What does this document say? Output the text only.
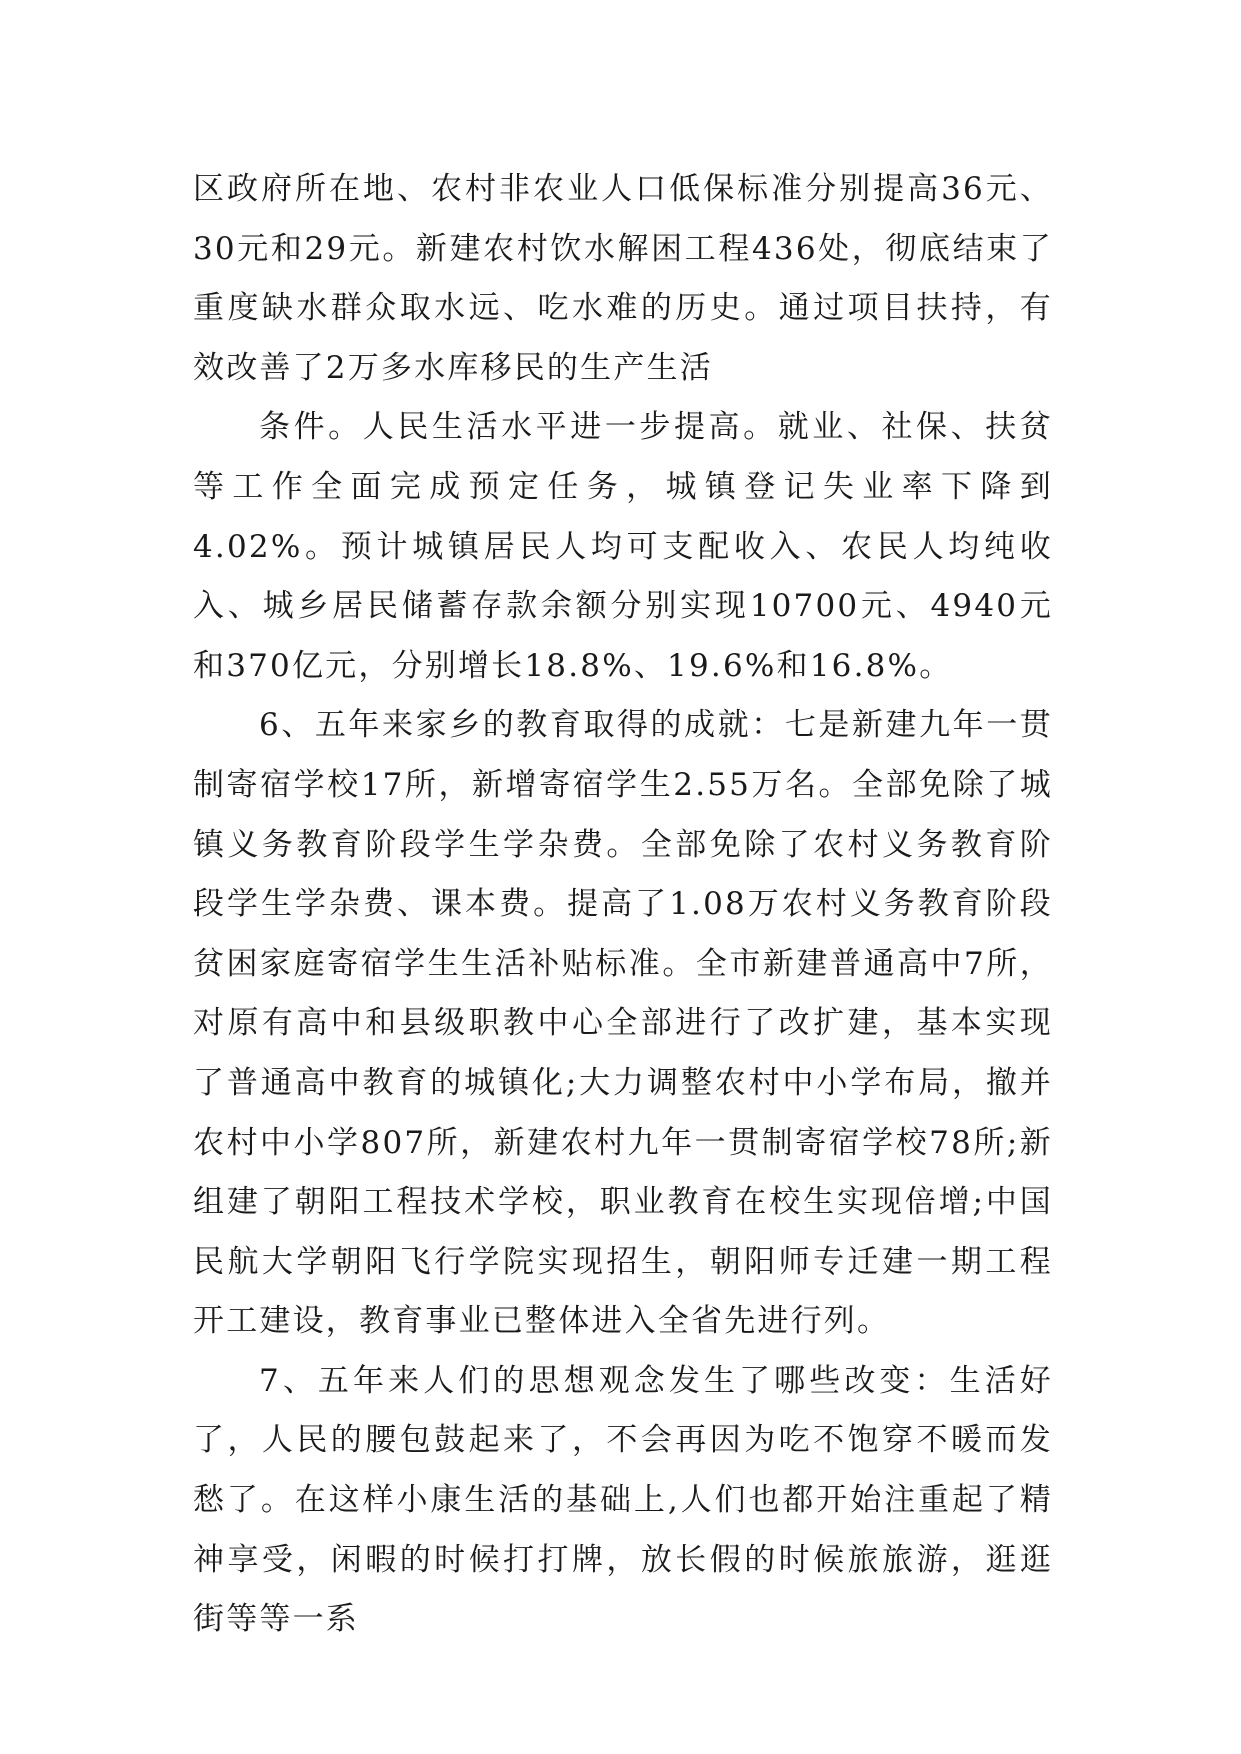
区政府所在地、农村非农业人口低保标准分别提高36元、30元和29元。新建农村饮水解困工程436处，彻底结束了重度缺水群众取水远、吃水难的历史。通过项目扶持，有效改善了2万多水库移民的生产生活

条件。人民生活水平进一步提高。就业、社保、扶贫等工作全面完成预定任务，城镇登记失业率下降到4.02%。预计城镇居民人均可支配收入、农民人均纯收入、城乡居民储蓄存款余额分别实现10700元、4940元和370亿元，分别增长18.8%、19.6%和16.8%。

6、五年来家乡的教育取得的成就：七是新建九年一贯制寄宿学校17所，新增寄宿学生2.55万名。全部免除了城镇义务教育阶段学生学杂费。全部免除了农村义务教育阶段学生学杂费、课本费。提高了1.08万农村义务教育阶段贫困家庭寄宿学生生活补贴标准。全市新建普通高中7所，对原有高中和县级职教中心全部进行了改扩建，基本实现了普通高中教育的城镇化;大力调整农村中小学布局，撤并农村中小学807所，新建农村九年一贯制寄宿学校78所;新组建了朝阳工程技术学校，职业教育在校生实现倍增;中国民航大学朝阳飞行学院实现招生，朝阳师专迁建一期工程开工建设，教育事业已整体进入全省先进行列。

7、五年来人们的思想观念发生了哪些改变：生活好了，人民的腰包鼓起来了，不会再因为吃不饱穿不暖而发愁了。在这样小康生活的基础上,人们也都开始注重起了精神享受，闲暇的时候打打牌，放长假的时候旅旅游，逛逛街等等一系
